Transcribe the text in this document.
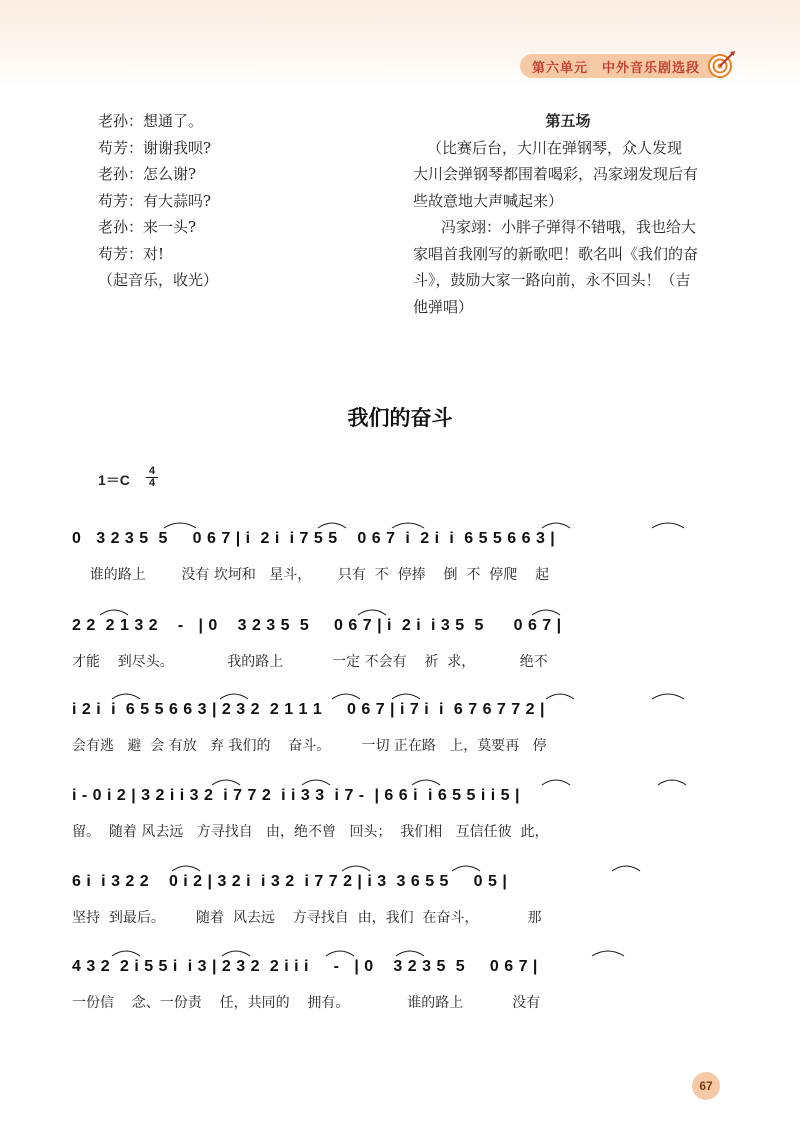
第六单元 中外音乐剧选段
老孙：想通了。
苟芳：谢谢我呗?
老孙：怎么谢?
苟芳：有大蒜吗?
老孙：来一头?
苟芳：对!
（起音乐，收光）
第五场
（比赛后台，大川在弹钢琴，众人发现
大川会弹钢琴都围着喝彩，冯家翊发现后有
些故意地大声喊起来）
冯家翊：小胖子弹得不错哦，我也给大
家唱首我刚写的新歌吧！歌名叫《我们的奋
斗》，鼓励大家一路向前，永不回头！（吉
他弹唱）
我们的奋斗
1＝C
4
4
0   3 2 3 5  5     0 6 7 | i  2 i  i 7 5 5    0 6 7  i  2 i  i  6 5 5 6 6 3 |
谁的路上        没有 坎坷和   星斗，      只有  不  停捧    倒  不  停爬    起
2 2  2 1 3 2    -   | 0    3 2 3 5  5     0 6 7 | i  2 i  i 3 5  5      0 6 7 |
才能    到尽头。            我的路上           一定 不会有    祈  求，          绝不
i 2 i  i  6 5 5 6 6 3 | 2 3 2  2 1 1 1     0 6 7 | i 7 i  i  6 7 6 7 7 2 |
会有逃   避  会 有放   弃 我们的    奋斗。       一切 正在路   上，莫要再   停
i - 0 i 2 | 3 2 i i 3 2  i 7 7 2  i i 3 3  i 7 -  | 6 6 i  i 6 5 5 i i 5 |
留。  随着 风去远   方寻找自   由，绝不曾   回头；  我们相   互信任彼  此，
6 i  i 3 2 2    0 i 2 | 3 2 i  i 3 2  i 7 7 2 | i 3  3 6 5 5     0 5 |
坚持  到最后。       随着  风去远    方寻找自  由，我们  在奋斗，           那
4 3 2  2 i 5 5 i  i 3 | 2 3 2  2 i i i     -   | 0    3 2 3 5  5     0 6 7 |
一份信    念、一份责    任，共同的    拥有。             谁的路上           没有
67
